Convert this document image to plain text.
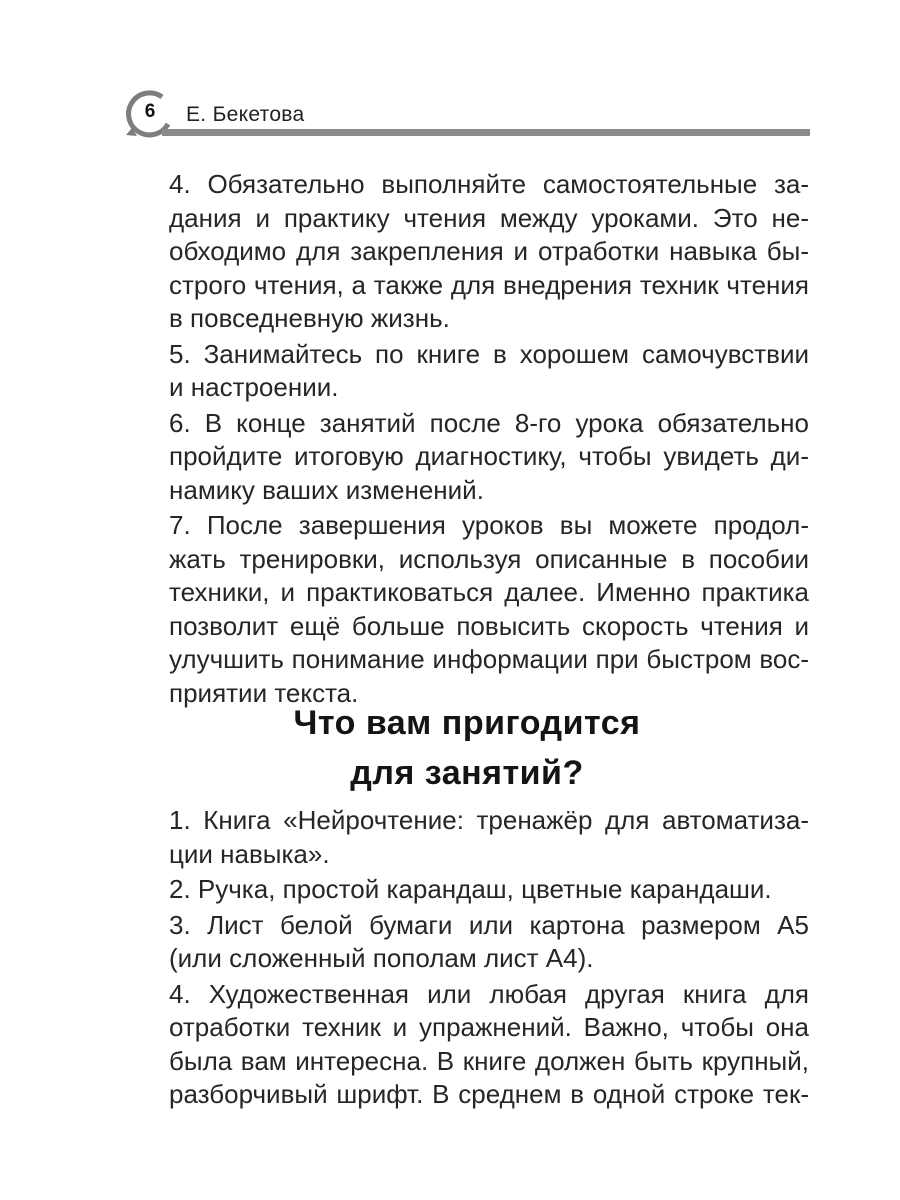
6	Е. Бекетова

4. Обязательно выполняйте самостоятельные за-
дания и практику чтения между уроками. Это не-
обходимо для закрепления и отработки навыка бы-
строго чтения, а также для внедрения техник чтения
в повседневную жизнь.

5. Занимайтесь по книге в хорошем самочувствии
и настроении.

6. В конце занятий после 8-го урока обязательно
пройдите итоговую диагностику, чтобы увидеть ди-
намику ваших изменений.

7. После завершения уроков вы можете продол-
жать тренировки, используя описанные в пособии
техники, и практиковаться далее. Именно практика
позволит ещё больше повысить скорость чтения и
улучшить понимание информации при быстром вос-
приятии текста.

Что вам пригодится
для занятий?

1. Книга «Нейрочтение: тренажёр для автоматиза-
ции навыка».

2. Ручка, простой карандаш, цветные карандаши.

3. Лист белой бумаги или картона размером А5
(или сложенный пополам лист А4).

4. Художественная или любая другая книга для
отработки техник и упражнений. Важно, чтобы она
была вам интересна. В книге должен быть крупный,
разборчивый шрифт. В среднем в одной строке тек-
